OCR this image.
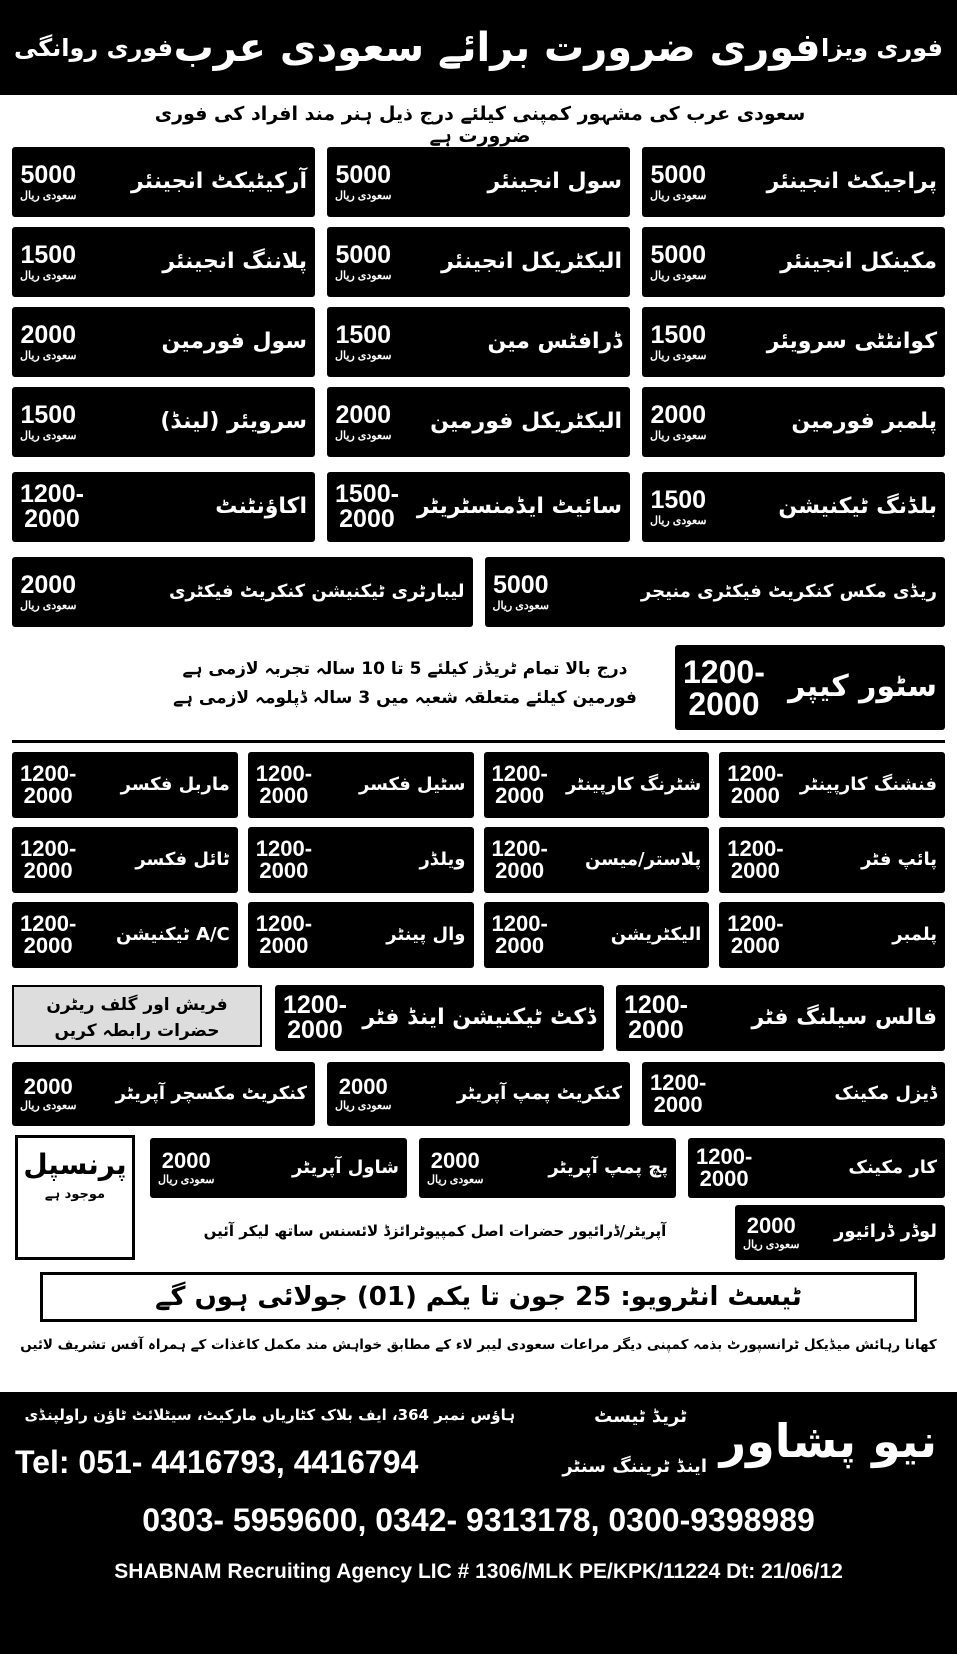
فوری ویزا
فوری ضرورت برائے سعودی عرب
فوری روانگی
سعودی عرب کی مشہور کمپنی کیلئے درج ذیل ہنر مند افراد کی فوری ضرورت ہے
پراجیکٹ انجینئر
5000
سعودی ریال
سول انجینئر
5000
سعودی ریال
آرکیٹیکٹ انجینئر
5000
سعودی ریال
مکینکل انجینئر
5000
سعودی ریال
الیکٹریکل انجینئر
5000
سعودی ریال
پلاننگ انجینئر
1500
سعودی ریال
کوانٹٹی سرویئر
1500
سعودی ریال
ڈرافٹس مین
1500
سعودی ریال
سول فورمین
2000
سعودی ریال
پلمبر فورمین
2000
سعودی ریال
الیکٹریکل فورمین
2000
سعودی ریال
سرویئر (لینڈ)
1500
سعودی ریال
بلڈنگ ٹیکنیشن
1500
سعودی ریال
سائیٹ ایڈمنسٹریٹر
1500-
2000
اکاؤنٹنٹ
1200-
2000
ریڈی مکس کنکریٹ فیکٹری منیجر
5000
سعودی ریال
لیبارٹری ٹیکنیشن کنکریٹ فیکٹری
2000
سعودی ریال
فنشنگ کارپینٹر
1200-
2000
شٹرنگ کارپینٹر
1200-
2000
سٹیل فکسر
1200-
2000
ماربل فکسر
1200-
2000
پائپ فٹر
1200-
2000
پلاستر/میسن
1200-
2000
ویلڈر
1200-
2000
ٹائل فکسر
1200-
2000
پلمبر
1200-
2000
الیکٹریشن
1200-
2000
وال پینٹر
1200-
2000
A/C ٹیکنیشن
1200-
2000
فالس سیلنگ فٹر
1200-
2000
ڈکٹ ٹیکنیشن اینڈ فٹر
1200-
2000
ڈیزل مکینک
1200-
2000
کنکریٹ پمپ آپریٹر
2000
سعودی ریال
کنکریٹ مکسچر آپریٹر
2000
سعودی ریال
کار مکینک
1200-
2000
پچ پمپ آپریٹر
2000
سعودی ریال
شاول آپریٹر
2000
سعودی ریال
لوڈر ڈرائیور
2000
سعودی ریال
سٹور کیپر
1200-
2000
درج بالا تمام ٹریڈز کیلئے 5 تا 10 سالہ تجربہ لازمی ہے
فورمین کیلئے متعلقہ شعبہ میں 3 سالہ ڈپلومہ لازمی ہے
فریش اور گلف ریٹرن
حضرات رابطہ کریں
پرنسپل
موجود ہے
آپریٹر/ڈرائیور حضرات اصل کمپیوٹرائزڈ لائسنس ساتھ لیکر آئیں
ٹیسٹ انٹرویو: 25 جون تا یکم (01) جولائی ہوں گے
کھانا رہائش میڈیکل ٹرانسپورٹ بذمہ کمپنی دیگر مراعات سعودی لیبر لاء کے مطابق خواہش مند مکمل کاغذات کے ہمراہ آفس تشریف لائیں
نیو پشاور
ٹریڈ ٹیسٹ
اینڈ ٹریننگ سنٹر
ہاؤس نمبر 364، ایف بلاک کٹاریاں مارکیٹ، سیٹلائٹ ٹاؤن راولپنڈی
Tel: 051- 4416793, 4416794
0303- 5959600, 0342- 9313178, 0300-9398989
SHABNAM Recruiting Agency LIC # 1306/MLK PE/KPK/11224 Dt: 21/06/12
